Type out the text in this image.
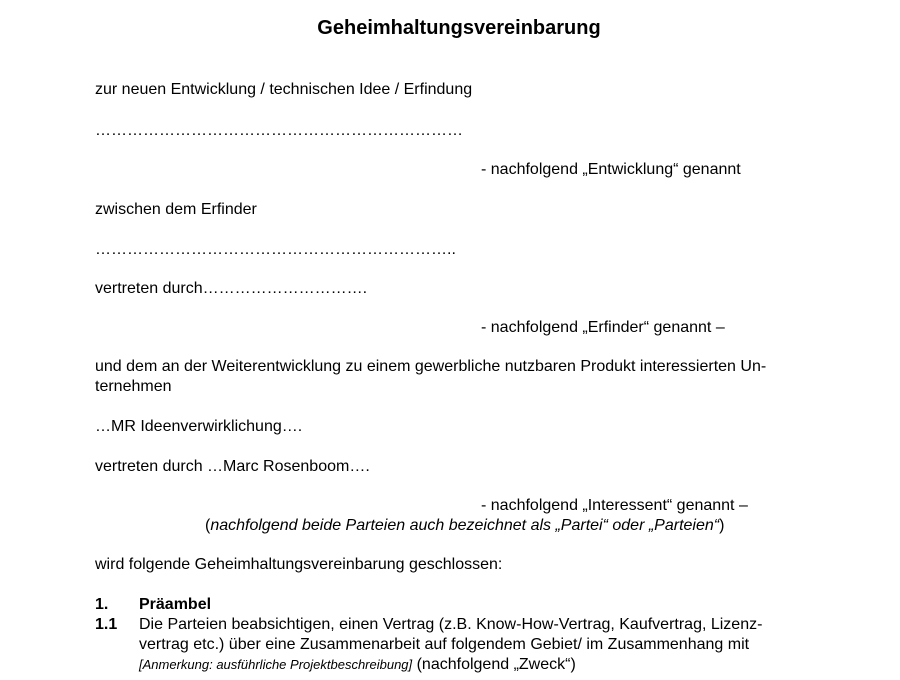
Geheimhaltungsvereinbarung
zur neuen Entwicklung / technischen Idee / Erfindung
……………………………………………………………
- nachfolgend „Entwicklung“ genannt
zwischen dem Erfinder
…………………………………………………………..
vertreten durch………………………….
- nachfolgend „Erfinder“ genannt –
und dem an der Weiterentwicklung zu einem gewerbliche nutzbaren Produkt interessierten Un-
ternehmen
…MR Ideenverwirklichung….
vertreten durch …Marc Rosenboom….
- nachfolgend „Interessent“ genannt –
(nachfolgend beide Parteien auch bezeichnet als „Partei“ oder „Parteien“)
wird folgende Geheimhaltungsvereinbarung geschlossen:
1. Präambel
1.1 Die Parteien beabsichtigen, einen Vertrag (z.B. Know-How-Vertrag, Kaufvertrag, Lizenz-
vertrag etc.) über eine Zusammenarbeit auf folgendem Gebiet/ im Zusammenhang mit
[Anmerkung: ausführliche Projektbeschreibung] (nachfolgend „Zweck“)
